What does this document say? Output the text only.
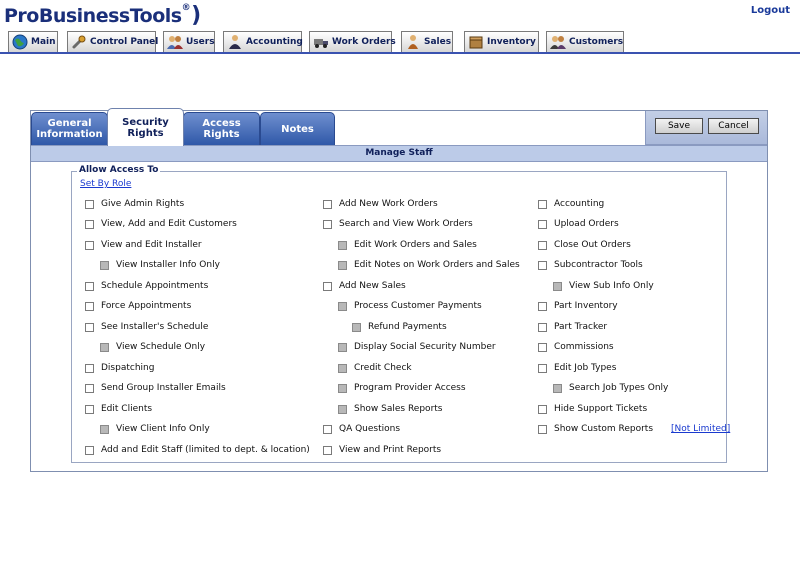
ProBusinessTools®)	Logout
Main	Control Panel	Users	Accounting	Work Orders	Sales	Inventory	Customers
General Information
Security Rights
Access Rights	Notes	Save	Cancel
Manage Staff
Allow Access To
Set By Role
Give Admin Rights
View, Add and Edit Customers
View and Edit Installer
View Installer Info Only
Schedule Appointments
Force Appointments
See Installer's Schedule
View Schedule Only
Dispatching
Send Group Installer Emails
Edit Clients
View Client Info Only
Add and Edit Staff (limited to dept. & location)
Add New Work Orders
Search and View Work Orders
Edit Work Orders and Sales
Edit Notes on Work Orders and Sales
Add New Sales
Process Customer Payments
Refund Payments
Display Social Security Number
Credit Check
Program Provider Access
Show Sales Reports
QA Questions
View and Print Reports
Accounting
Upload Orders
Close Out Orders
Subcontractor Tools
View Sub Info Only
Part Inventory
Part Tracker
Commissions
Edit Job Types
Search Job Types Only
Hide Support Tickets
Show Custom Reports [Not Limited]
